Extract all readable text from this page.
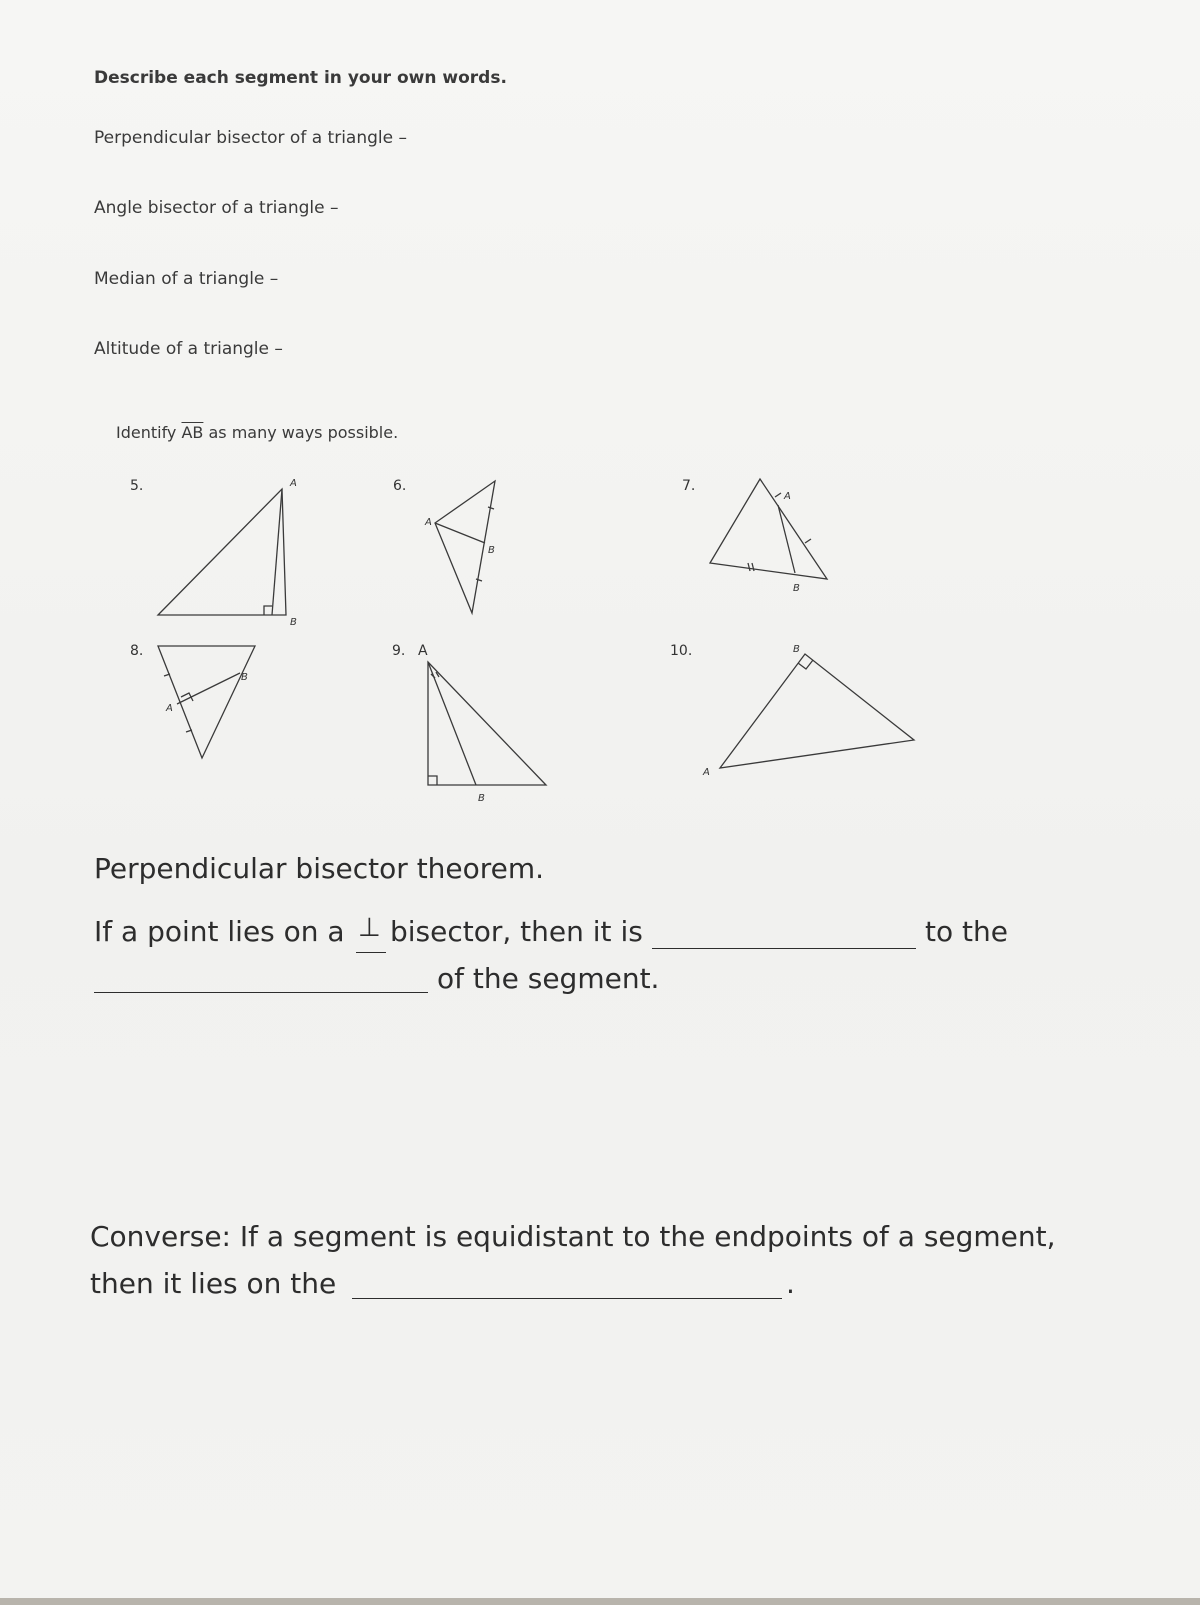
Describe each segment in your own words.
Perpendicular bisector of a triangle –
Angle bisector of a triangle –
Median of a triangle –
Altitude of a triangle –
Identify $\overline{AB}$ as many ways possible.
5.	6.	7.
8.	9.	10.
A
B
A
B
A
B
A
B
B
A
A
B
Perpendicular bisector theorem.
If a point lies on a ⊥ bisector, then it is	to the
of the segment.
Converse: If a segment is equidistant to the endpoints of a segment,
then it lies on the	.
